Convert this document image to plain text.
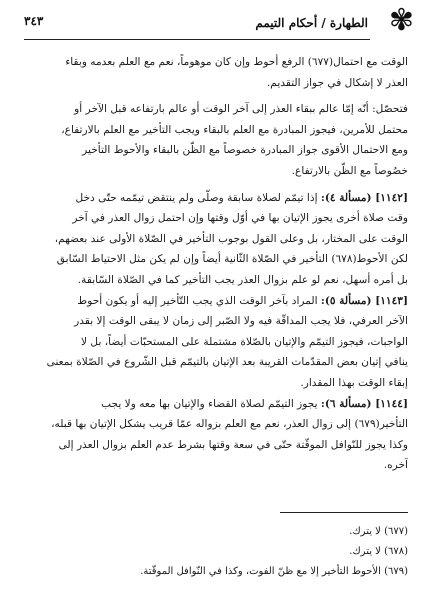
✾
الطهارة / أحكام التيمم
٣٤٣
الوقت مع احتمال(٦٧٧) الرفع أحوط وإن كان موهوماً، نعم مع العلم بعدمه وبقاء
العذر لا إشكال في جواز التقديم.
فتحصّل: أنّه إمّا عالم ببقاء العذر إلى آخر الوقت أو عالم بارتفاعه قبل الآخر أو
محتمل للأمرين، فيجوز المبادرة مع العلم بالبقاء ويجب التأخير مع العلم بالارتفاع،
ومع الاحتمال الأقوى جواز المبادرة خصوصاً مع الظّن بالبقاء والأحوط التأخير
خصُوصاً مع الظّن بالارتفاع.
[١١٤٢] (مسألة ٤): إذا تيمّم لصلاة سابقة وصلّى ولم ينتقض تيمّمه حتّى دخل
وقت صلاة أخرى يجوز الإتيان بها في أوّل وقتها وإن احتمل زوال العذر في آخر
الوقت على المختار، بل وعلى القول بوجوب التأخير في الصّلاة الأولى عند بعضهم،
لكن الأحوط(٦٧٨) التأخير في الصّلاة الثّانية أيضاً وإن لم يكن مثل الاحتياط السّابق
بل أمره أسهل، نعم لو علم بزوال العذر يجب التأخير كما في الصّلاة السّابقة.
[١١٤٣] (مسألة ٥): المراد بآخر الوقت الذي يجب التّأخير إليه أو يكون أحوط
الآخر العرفي، فلا يجب المداقّة فيه ولا الصّبر إلى زمان لا يبقى الوقت إلا بقدر
الواجبات، فيجوز التيمّم والإتيان بالصّلاة مشتملة على المستحبّات أيضاً، بل لا
ينافي إتيان بعض المقدّمات القريبة بعد الإتيان بالتيمّم قبل الشّروع في الصّلاة بمعنى
إبقاء الوقت بهذا المقدار.
[١١٤٤] (مسألة ٦): يجوز التيمّم لصلاة القضاء والإتيان بها معه ولا يجب
التأخير(٦٧٩) إلى زوال العذر، نعم مع العلم بزواله عمّا قريب يشكل الإتيان بها قبله،
وكذا يجوز للنّوافل الموقّتة حتّى في سعة وقتها بشرط عدم العلم بزوال العذر إلى
آخره.
(٦٧٧) لا يترك.
(٦٧٨) لا يترك.
(٦٧٩) الأحوط التأخير إلا مع ظنّ الفوت، وكذا في النّوافل الموقّتة.
